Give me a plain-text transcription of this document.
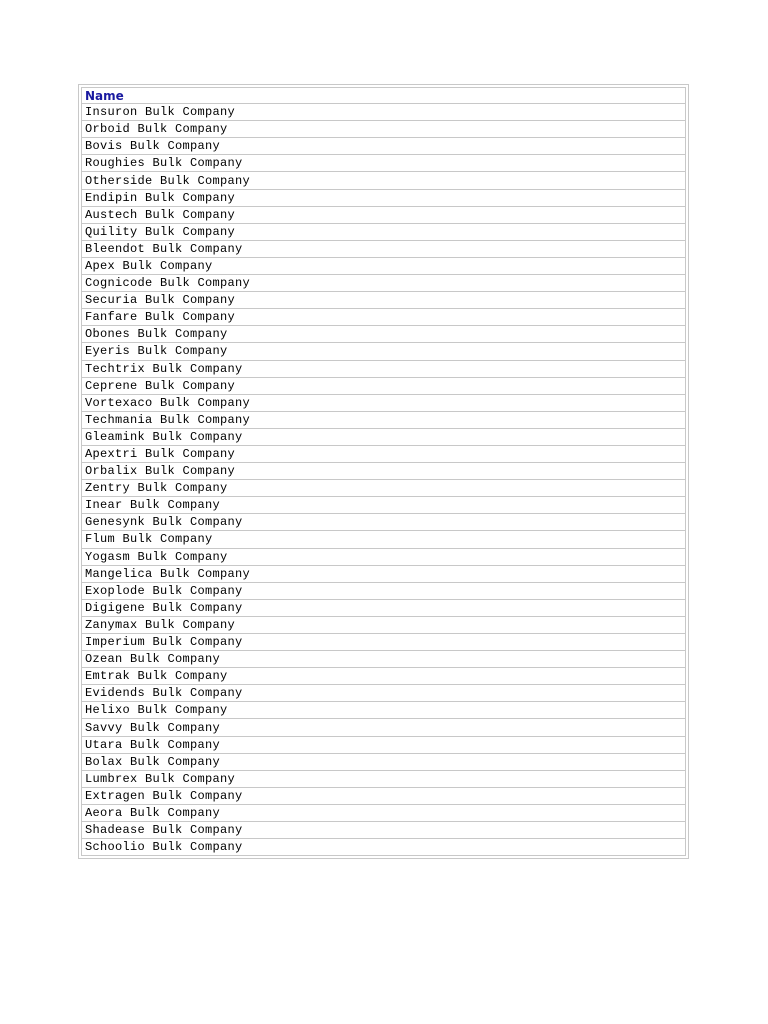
Name
Insuron Bulk Company
Orboid Bulk Company
Bovis Bulk Company
Roughies Bulk Company
Otherside Bulk Company
Endipin Bulk Company
Austech Bulk Company
Quility Bulk Company
Bleendot Bulk Company
Apex Bulk Company
Cognicode Bulk Company
Securia Bulk Company
Fanfare Bulk Company
Obones Bulk Company
Eyeris Bulk Company
Techtrix Bulk Company
Ceprene Bulk Company
Vortexaco Bulk Company
Techmania Bulk Company
Gleamink Bulk Company
Apextri Bulk Company
Orbalix Bulk Company
Zentry Bulk Company
Inear Bulk Company
Genesynk Bulk Company
Flum Bulk Company
Yogasm Bulk Company
Mangelica Bulk Company
Exoplode Bulk Company
Digigene Bulk Company
Zanymax Bulk Company
Imperium Bulk Company
Ozean Bulk Company
Emtrak Bulk Company
Evidends Bulk Company
Helixo Bulk Company
Savvy Bulk Company
Utara Bulk Company
Bolax Bulk Company
Lumbrex Bulk Company
Extragen Bulk Company
Aeora Bulk Company
Shadease Bulk Company
Schoolio Bulk Company
